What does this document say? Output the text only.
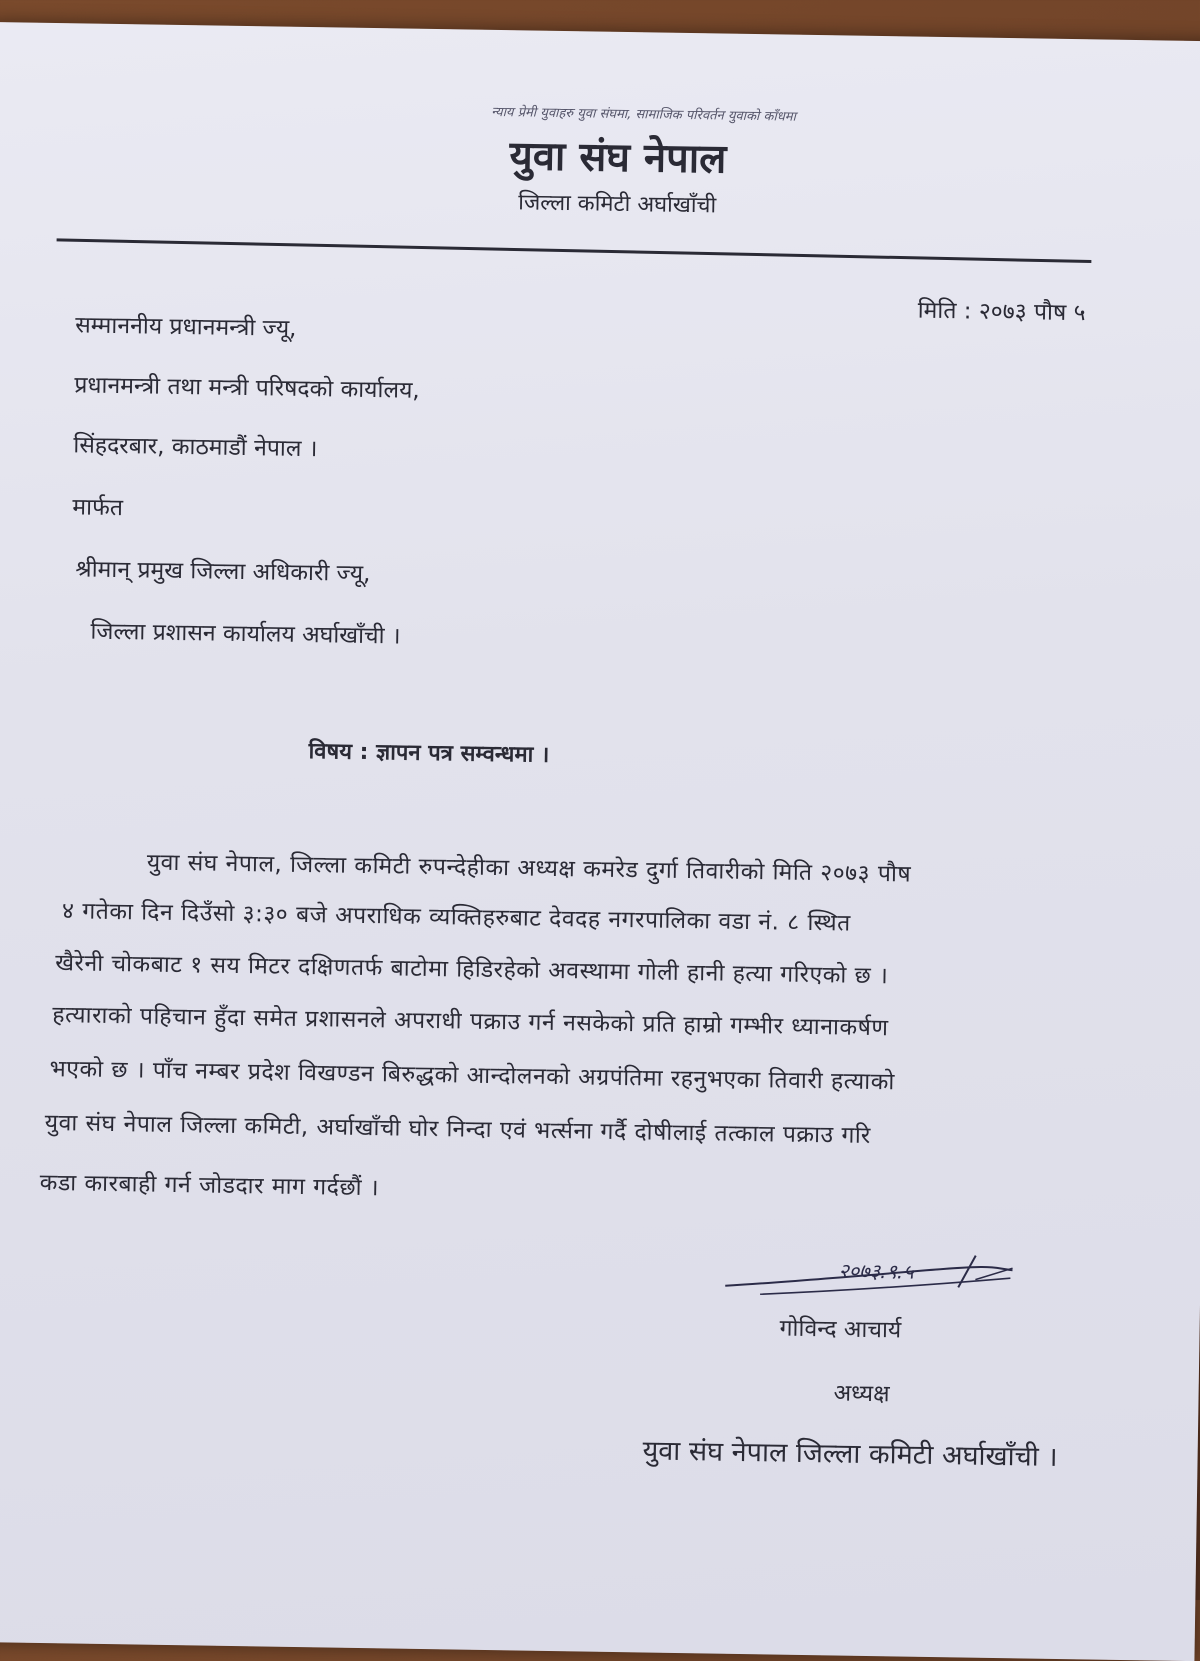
न्याय प्रेमी युवाहरु युवा संघमा, सामाजिक परिवर्तन युवाको काँधमा
युवा संघ नेपाल
जिल्ला कमिटी अर्घाखाँची
मिति : २०७३ पौष ५
सम्माननीय प्रधानमन्त्री ज्यू,
प्रधानमन्त्री तथा मन्त्री परिषदको कार्यालय,
सिंहदरबार, काठमाडौं नेपाल ।
मार्फत
श्रीमान् प्रमुख जिल्ला अधिकारी ज्यू,
जिल्ला प्रशासन कार्यालय अर्घाखाँची ।
विषय : ज्ञापन पत्र सम्वन्धमा ।
युवा संघ नेपाल, जिल्ला कमिटी रुपन्देहीका अध्यक्ष कमरेड दुर्गा तिवारीको मिति २०७३ पौष
४ गतेका दिन दिउँसो ३:३० बजे अपराधिक व्यक्तिहरुबाट देवदह नगरपालिका वडा नं. ८ स्थित
खैरेनी चोकबाट १ सय मिटर दक्षिणतर्फ बाटोमा हिडिरहेको अवस्थामा गोली हानी हत्या गरिएको छ ।
हत्याराको पहिचान हुँदा समेत प्रशासनले अपराधी पक्राउ गर्न नसकेको प्रति हाम्रो गम्भीर ध्यानाकर्षण
भएको छ । पाँच नम्बर प्रदेश विखण्डन बिरुद्धको आन्दोलनको अग्रपंतिमा रहनुभएका तिवारी हत्याको
युवा संघ नेपाल जिल्ला कमिटी, अर्घाखाँची घोर निन्दा एवं भर्त्सना गर्दै दोषीलाई तत्काल पक्राउ गरि
कडा कारबाही गर्न जोडदार माग गर्दछौं ।
२०७३.९.५
गोविन्द आचार्य
अध्यक्ष
युवा संघ नेपाल जिल्ला कमिटी अर्घाखाँची ।
